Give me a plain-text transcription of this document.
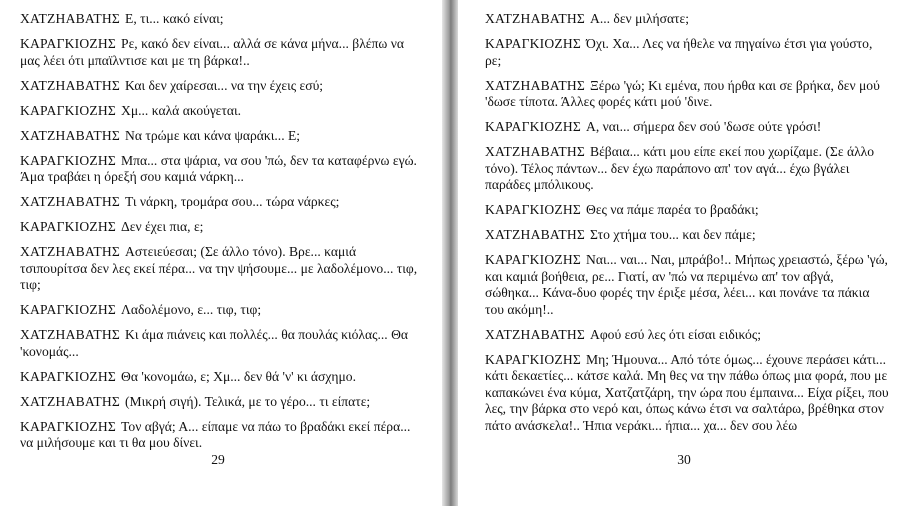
ΧΑΤΖΗΑΒΑΤΗΣ Ε, τι... κακό είναι;

ΚΑΡΑΓΚΙΟΖΗΣ Ρε, κακό δεν είναι... αλλά σε κάνα μήνα... βλέπω να μας λέει ότι μπαϊλντισε και με τη βάρκα!..

ΧΑΤΖΗΑΒΑΤΗΣ Και δεν χαίρεσαι... να την έχεις εσύ;

ΚΑΡΑΓΚΙΟΖΗΣ Χμ... καλά ακούγεται.

ΧΑΤΖΗΑΒΑΤΗΣ Να τρώμε και κάνα ψαράκι... Ε;

ΚΑΡΑΓΚΙΟΖΗΣ Μπα... στα ψάρια, να σου 'πώ, δεν τα καταφέρνω εγώ. Άμα τραβάει η όρεξή σου καμιά νάρκη...

ΧΑΤΖΗΑΒΑΤΗΣ Τι νάρκη, τρομάρα σου... τώρα νάρκες;

ΚΑΡΑΓΚΙΟΖΗΣ Δεν έχει πια, ε;

ΧΑΤΖΗΑΒΑΤΗΣ Αστειεύεσαι; (Σε άλλο τόνο). Βρε... καμιά τσιπουρίτσα δεν λες εκεί πέρα... να την ψήσουμε... με λαδολέμονο... τιφ, τιφ;

ΚΑΡΑΓΚΙΟΖΗΣ Λαδολέμονο, ε... τιφ, τιφ;

ΧΑΤΖΗΑΒΑΤΗΣ Κι άμα πιάνεις και πολλές... θα πουλάς κιόλας... Θα 'κονομάς...

ΚΑΡΑΓΚΙΟΖΗΣ Θα 'κονομάω, ε; Χμ... δεν θά 'ν' κι άσχημο.

ΧΑΤΖΗΑΒΑΤΗΣ (Μικρή σιγή). Τελικά, με το γέρο... τι είπατε;

ΚΑΡΑΓΚΙΟΖΗΣ Τον αβγά; Α... είπαμε να πάω το βραδάκι εκεί πέρα... να μιλήσουμε και τι θα μου δίνει.

29

ΧΑΤΖΗΑΒΑΤΗΣ Α... δεν μιλήσατε;

ΚΑΡΑΓΚΙΟΖΗΣ Όχι. Χα... Λες να ήθελε να πηγαίνω έτσι για γούστο, ρε;

ΧΑΤΖΗΑΒΑΤΗΣ Ξέρω 'γώ; Κι εμένα, που ήρθα και σε βρήκα, δεν μού 'δωσε τίποτα. Άλλες φορές κάτι μού 'δινε.

ΚΑΡΑΓΚΙΟΖΗΣ Α, ναι... σήμερα δεν σού 'δωσε ούτε γρόσι!

ΧΑΤΖΗΑΒΑΤΗΣ Βέβαια... κάτι μου είπε εκεί που χωρίζαμε. (Σε άλλο τόνο). Τέλος πάντων... δεν έχω παράπονο απ' τον αγά... έχω βγάλει παράδες μπόλικους.

ΚΑΡΑΓΚΙΟΖΗΣ Θες να πάμε παρέα το βραδάκι;

ΧΑΤΖΗΑΒΑΤΗΣ Στο χτήμα του... και δεν πάμε;

ΚΑΡΑΓΚΙΟΖΗΣ Ναι... ναι... Ναι, μπράβο!.. Μήπως χρειαστώ, ξέρω 'γώ, και καμιά βοήθεια, ρε... Γιατί, αν 'πώ να περιμένω απ' τον αβγά, σώθηκα... Κάνα-δυο φορές την έριξε μέσα, λέει... και πονάνε τα πάκια του ακόμη!..

ΧΑΤΖΗΑΒΑΤΗΣ Αφού εσύ λες ότι είσαι ειδικός;

ΚΑΡΑΓΚΙΟΖΗΣ Μη; Ήμουνα... Από τότε όμως... έχουνε περάσει κάτι... κάτι δεκαετίες... κάτσε καλά. Μη θες να την πάθω όπως μια φορά, που με καπακώνει ένα κύμα, Χατζατζάρη, την ώρα που έμπαινα... Είχα ρίξει, που λες, την βάρκα στο νερό και, όπως κάνω έτσι να σαλτάρω, βρέθηκα στον πάτο ανάσκελα!.. Ήπια νεράκι... ήπια... χα... δεν σου λέω

30
